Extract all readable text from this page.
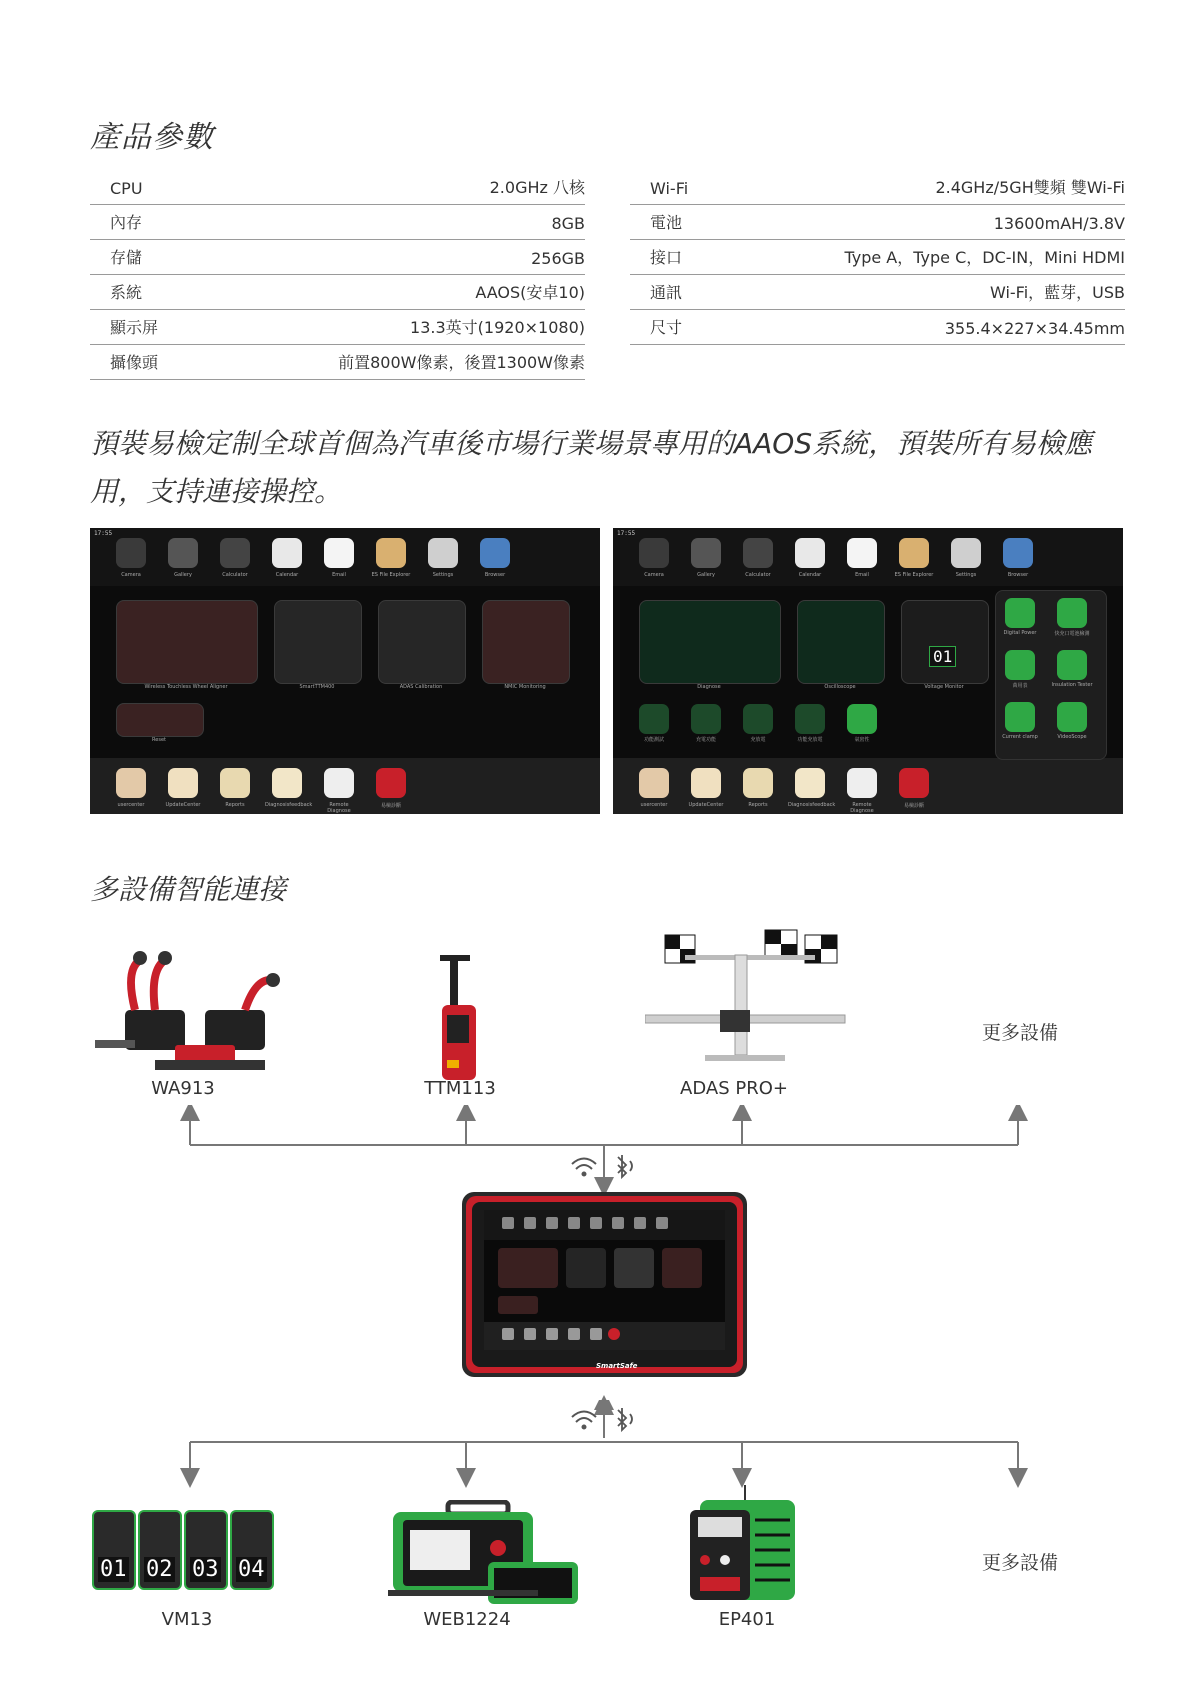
產品參數
CPU	2.0GHz 八核
內存	8GB
存儲	256GB
系統	AAOS(安卓10)
顯示屏	13.3英寸(1920×1080)
攝像頭	前置800W像素，後置1300W像素
Wi-Fi	2.4GHz/5GH雙頻 雙Wi-Fi
電池	13600mAH/3.8V
接口	Type A，Type C，DC-IN，Mini HDMI
通訊	Wi-Fi，藍芽，USB
尺寸	355.4×227×34.45mm
預裝易檢定制全球首個為汽車後市場行業場景專用的AAOS系統，預裝所有易檢應用，支持連接操控。
17:55
Camera	Gallery	Calculator	Calendar	Email	ES File Explorer	Settings	Browser
usercenter	UpdateCenter	Reports	Diagnosisfeedback	Remote Diagnose
易檢診斷
Wireless Touchless Wheel Aligner	SmartTTM400	ADAS Calibration	NMIC Monitoring
Reset
17:55
Camera	Gallery	Calculator	Calendar	Email	ES File Explorer	Settings	Browser
usercenter	UpdateCenter	Reports	Diagnosisfeedback	Remote Diagnose
易檢診斷
Diagnose	Oscilloscope	Voltage Monitor
01
Digital Power	快充口電池檢測
萬用表	Insulation Tester
Current clamp	VideoScope
功能測試	充電功能	充放電	功能充放電	氣密性
多設備智能連接
WA913	TTM113	ADAS PRO+
更多設備
SmartSafe
01 02 03 04
VM13	WEB1224	EP401
更多設備
